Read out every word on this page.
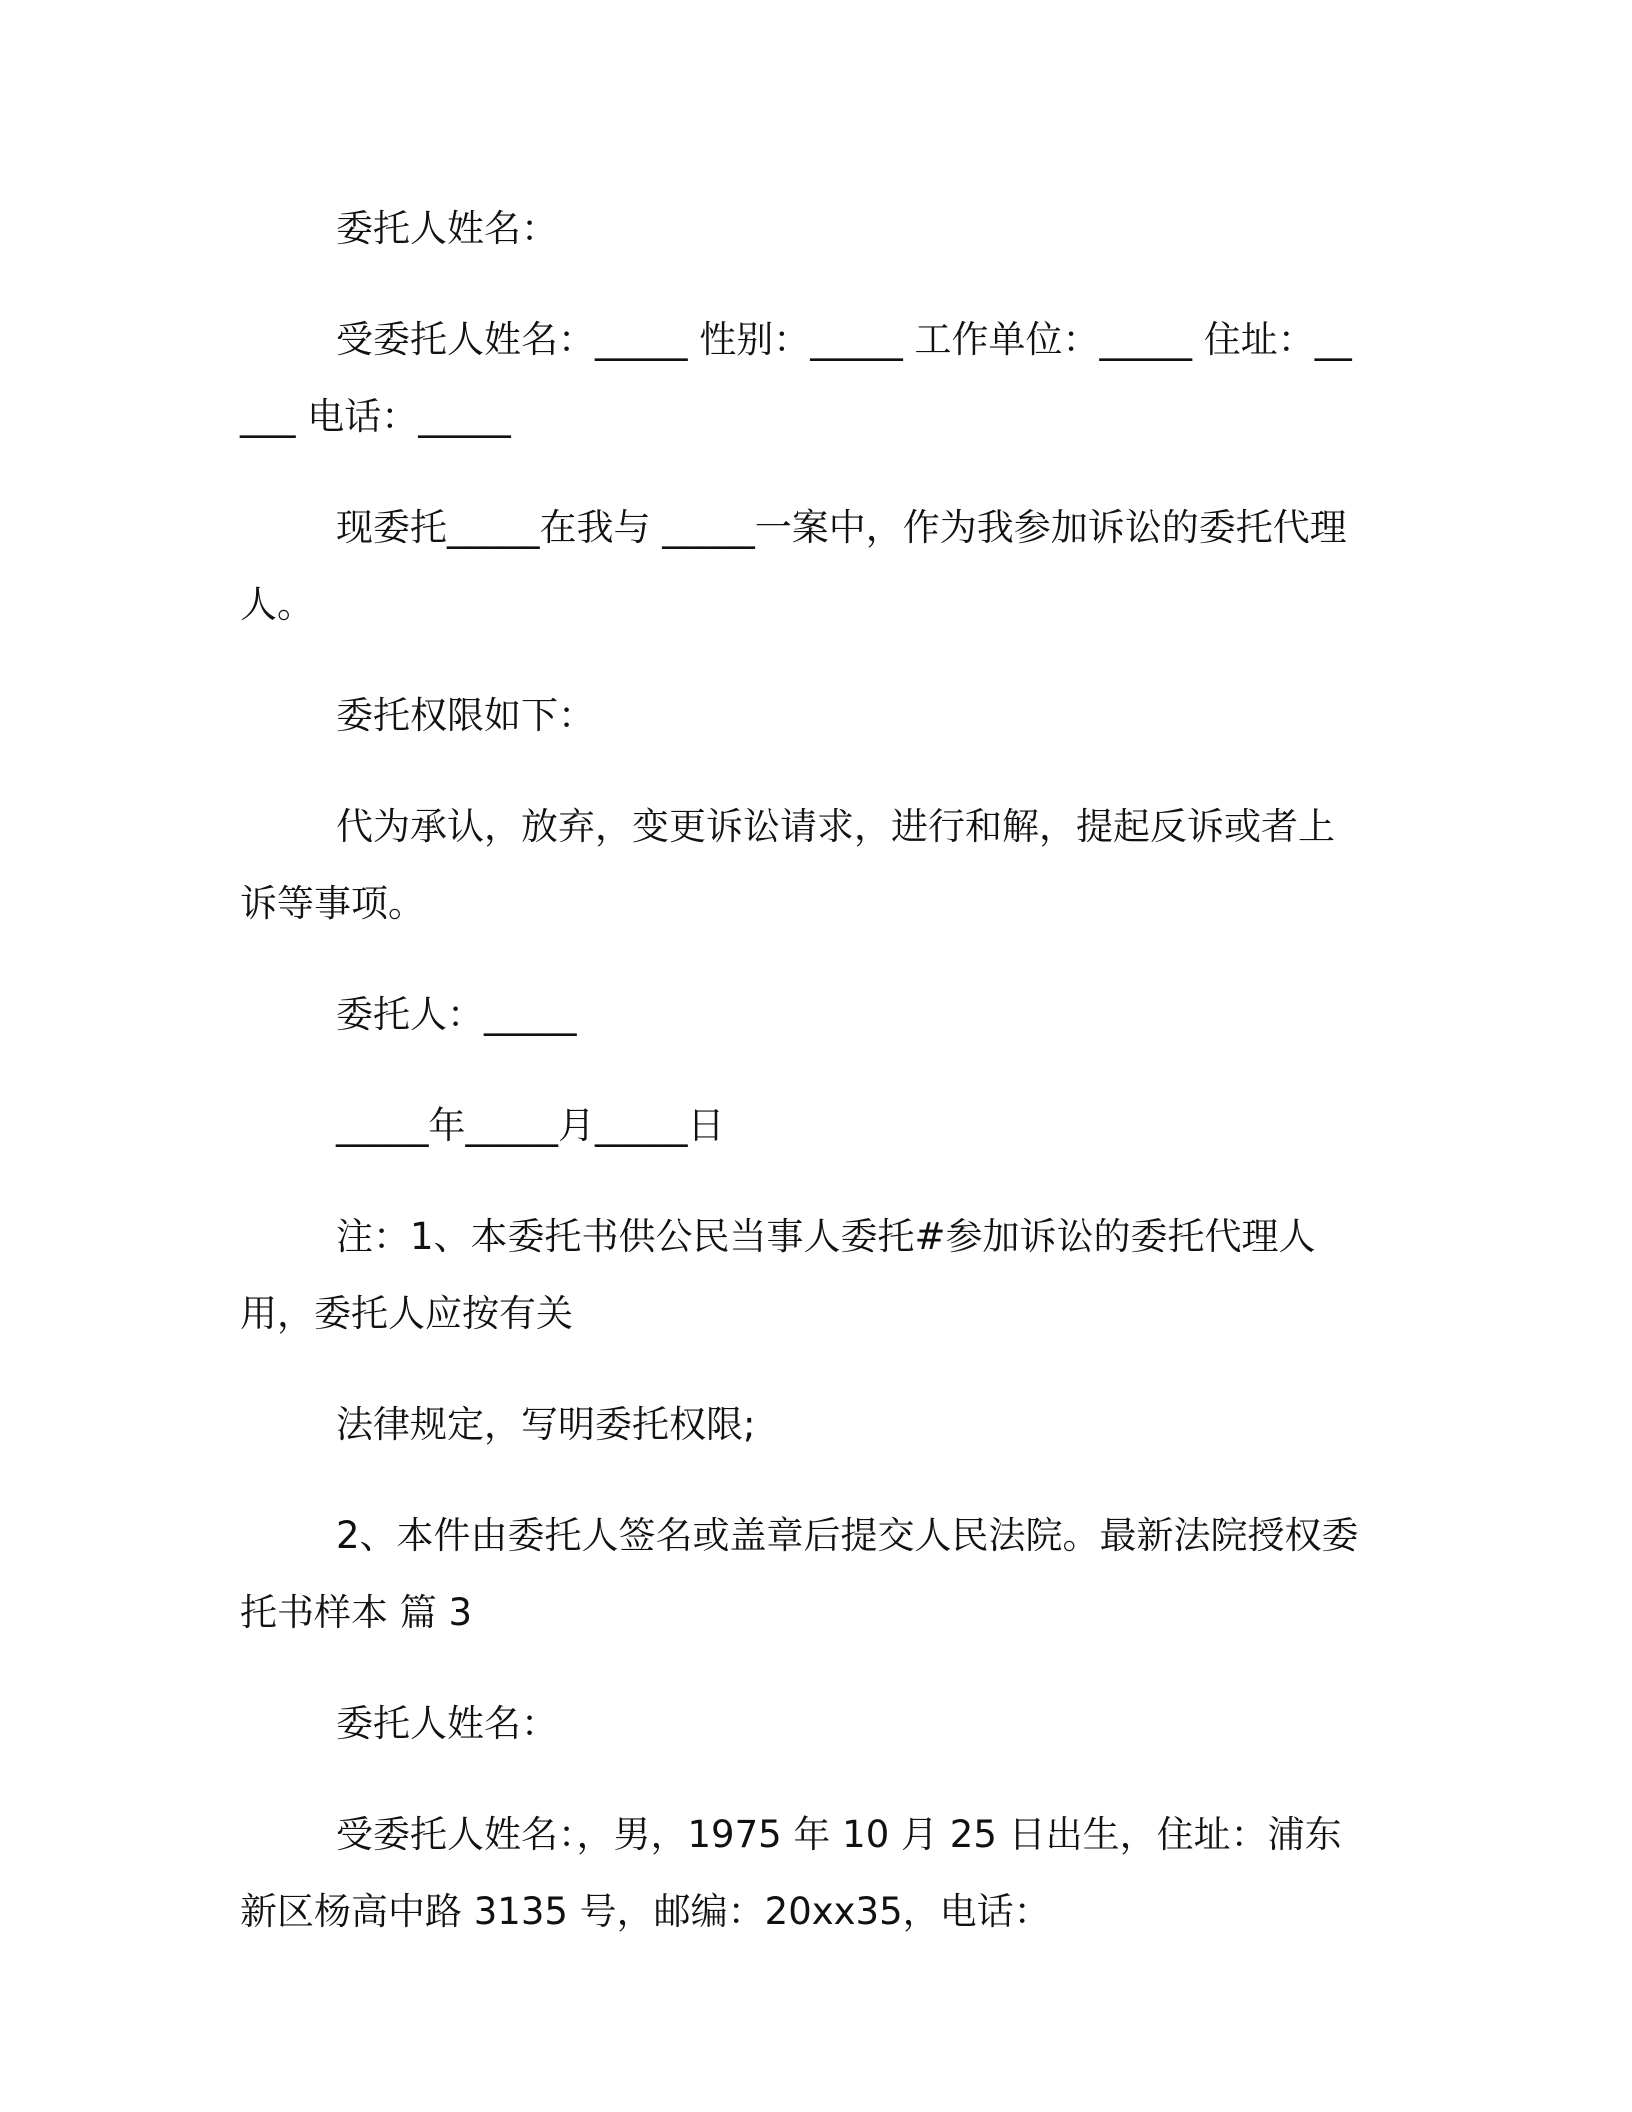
委托人姓名：

受委托人姓名：_____ 性别：_____ 工作单位：_____ 住址：_____ 电话：_____

现委托_____在我与 _____一案中，作为我参加诉讼的委托代理人。

委托权限如下：

代为承认，放弃，变更诉讼请求，进行和解，提起反诉或者上诉等事项。

委托人：_____

_____年_____月_____日

注：1、本委托书供公民当事人委托#参加诉讼的委托代理人用，委托人应按有关

法律规定，写明委托权限;

2、本件由委托人签名或盖章后提交人民法院。最新法院授权委托书样本 篇 3

委托人姓名：

受委托人姓名：，男，1975 年 10 月 25 日出生，住址：浦东新区杨高中路 3135 号，邮编：20xx35，电话：
